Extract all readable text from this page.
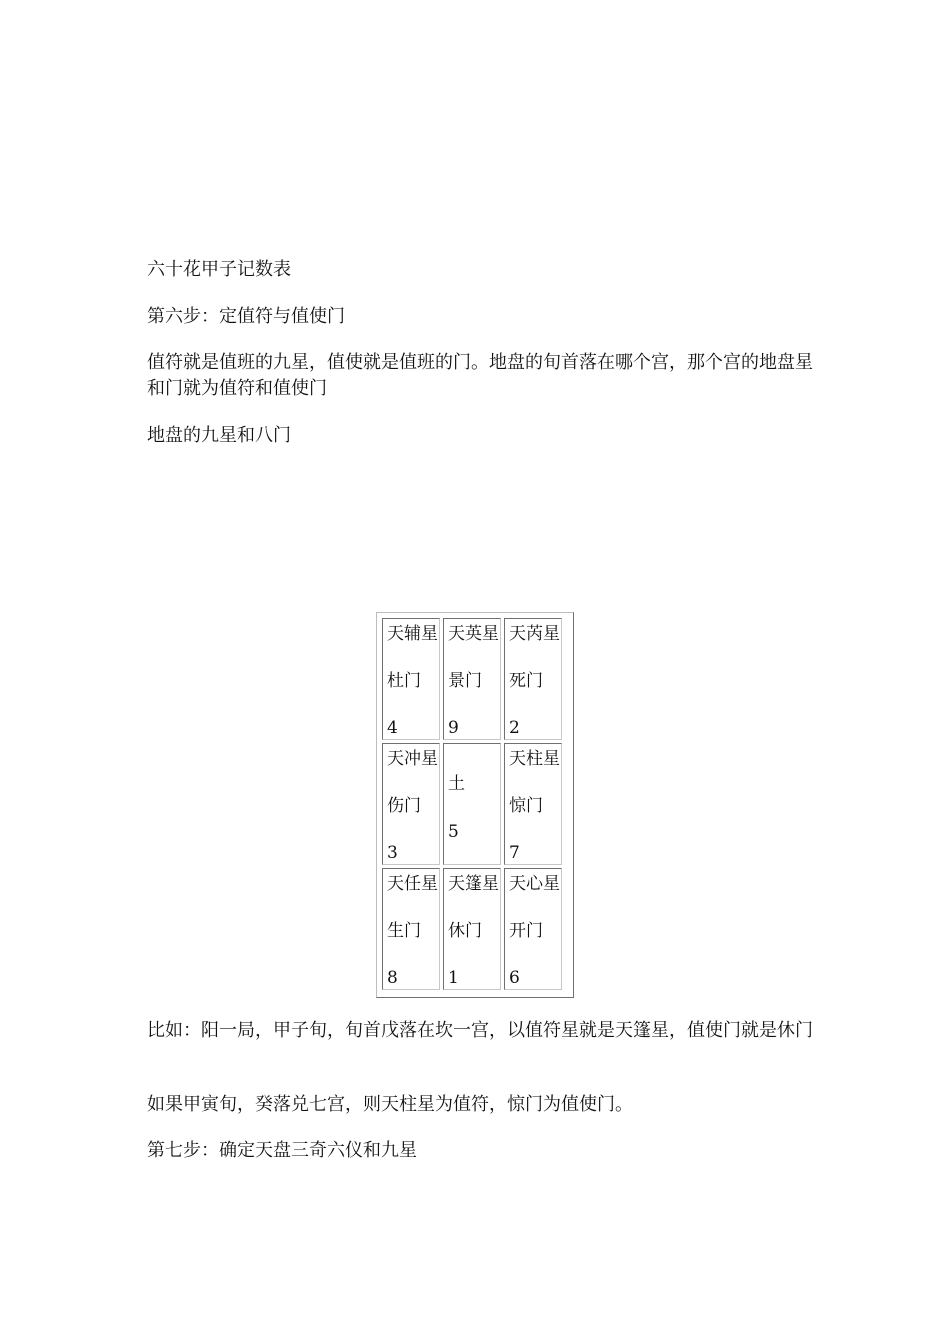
六十花甲子记数表

第六步：定值符与值使门

值符就是值班的九星，值使就是值班的门。地盘的旬首落在哪个宫，那个宫的地盘星和门就为值符和值使门

地盘的九星和八门

天辅星
杜门
4	天英星
景门
9	天芮星
死门
2

天冲星
伤门
3	土
5	天柱星
惊门
7

天任星
生门
8	天篷星
休门
1	天心星
开门
6

比如：阳一局，甲子旬，旬首戊落在坎一宫，以值符星就是天篷星，值使门就是休门

如果甲寅旬，癸落兑七宫，则天柱星为值符，惊门为值使门。

第七步：确定天盘三奇六仪和九星
